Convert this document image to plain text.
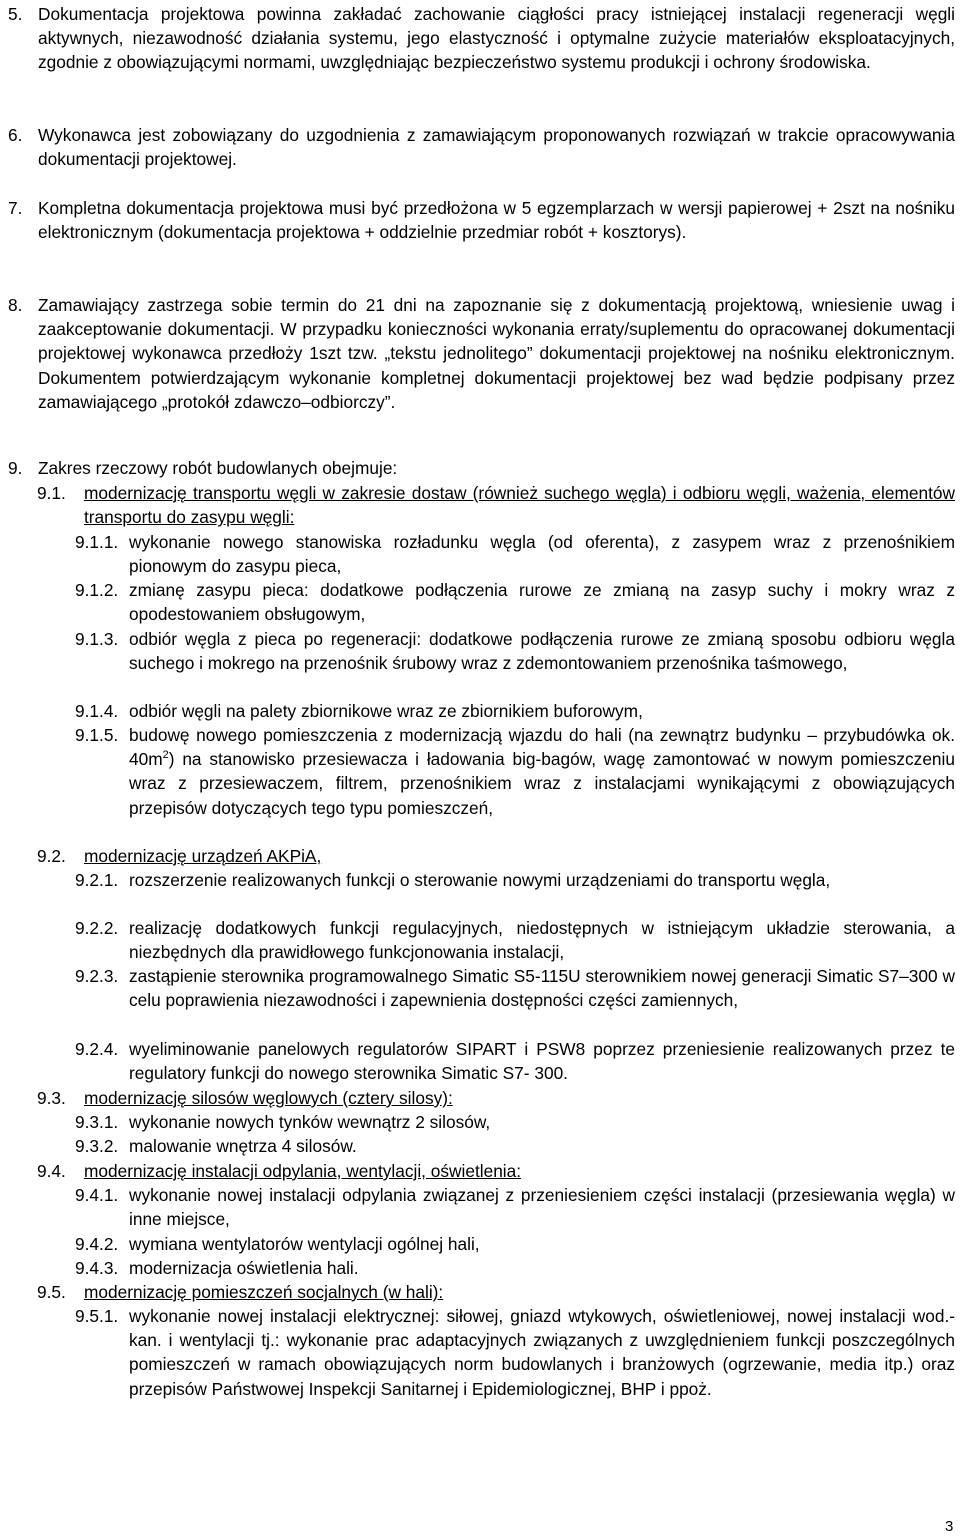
5. Dokumentacja projektowa powinna zakładać zachowanie ciągłości pracy istniejącej instalacji regeneracji węgli aktywnych, niezawodność działania systemu, jego elastyczność i optymalne zużycie materiałów eksploatacyjnych, zgodnie z obowiązującymi normami, uwzględniając bezpieczeństwo systemu produkcji i ochrony środowiska.
6. Wykonawca jest zobowiązany do uzgodnienia z zamawiającym proponowanych rozwiązań w trakcie opracowywania dokumentacji projektowej.
7. Kompletna dokumentacja projektowa musi być przedłożona w 5 egzemplarzach w wersji papierowej + 2szt na nośniku elektronicznym (dokumentacja projektowa + oddzielnie przedmiar robót + kosztorys).
8. Zamawiający zastrzega sobie termin do 21 dni na zapoznanie się z dokumentacją projektową, wniesienie uwag i zaakceptowanie dokumentacji. W przypadku konieczności wykonania erraty/suplementu do opracowanej dokumentacji projektowej wykonawca przedłoży 1szt tzw. „tekstu jednolitego” dokumentacji projektowej na nośniku elektronicznym. Dokumentem potwierdzającym wykonanie kompletnej dokumentacji projektowej bez wad będzie podpisany przez zamawiającego „protokół zdawczo–odbiorczy”.
9. Zakres rzeczowy robót budowlanych obejmuje:
9.1. modernizację transportu węgli w zakresie dostaw (również suchego węgla) i odbioru węgli, ważenia, elementów transportu do zasypu węgli:
9.1.1. wykonanie nowego stanowiska rozładunku węgla (od oferenta), z zasypem wraz z przenośnikiem pionowym do zasypu pieca,
9.1.2. zmianę zasypu pieca: dodatkowe podłączenia rurowe ze zmianą na zasyp suchy i mokry wraz z opodestowaniem obsługowym,
9.1.3. odbiór węgla z pieca po regeneracji: dodatkowe podłączenia rurowe ze zmianą sposobu odbioru węgla suchego i mokrego na przenośnik śrubowy wraz z zdemontowaniem przenośnika taśmowego,
9.1.4. odbiór węgli na palety zbiornikowe wraz ze zbiornikiem buforowym,
9.1.5. budowę nowego pomieszczenia z modernizacją wjazdu do hali (na zewnątrz budynku – przybudówka ok. $40m^2$) na stanowisko przesiewacza i ładowania big-bagów, wagę zamontować w nowym pomieszczeniu wraz z przesiewaczem, filtrem, przenośnikiem wraz z instalacjami wynikającymi z obowiązujących przepisów dotyczących tego typu pomieszczeń,
9.2. modernizację urządzeń AKPiA,
9.2.1. rozszerzenie realizowanych funkcji o sterowanie nowymi urządzeniami do transportu węgla,
9.2.2. realizację dodatkowych funkcji regulacyjnych, niedostępnych w istniejącym układzie sterowania, a niezbędnych dla prawidłowego funkcjonowania instalacji,
9.2.3. zastąpienie sterownika programowalnego Simatic S5-115U sterownikiem nowej generacji Simatic S7–300 w celu poprawienia niezawodności i zapewnienia dostępności części zamiennych,
9.2.4. wyeliminowanie panelowych regulatorów SIPART i PSW8 poprzez przeniesienie realizowanych przez te regulatory funkcji do nowego sterownika Simatic S7- 300.
9.3. modernizację silosów węglowych (cztery silosy):
9.3.1. wykonanie nowych tynków wewnątrz 2 silosów,
9.3.2. malowanie wnętrza 4 silosów.
9.4. modernizację instalacji odpylania, wentylacji, oświetlenia:
9.4.1. wykonanie nowej instalacji odpylania związanej z przeniesieniem części instalacji (przesiewania węgla) w inne miejsce,
9.4.2. wymiana wentylatorów wentylacji ogólnej hali,
9.4.3. modernizacja oświetlenia hali.
9.5. modernizację pomieszczeń socjalnych (w hali):
9.5.1. wykonanie nowej instalacji elektrycznej: siłowej, gniazd wtykowych, oświetleniowej, nowej instalacji wod.-kan. i wentylacji tj.: wykonanie prac adaptacyjnych związanych z uwzględnieniem funkcji poszczególnych pomieszczeń w ramach obowiązujących norm budowlanych i branżowych (ogrzewanie, media itp.) oraz przepisów Państwowej Inspekcji Sanitarnej i Epidemiologicznej, BHP i ppoż.
3
